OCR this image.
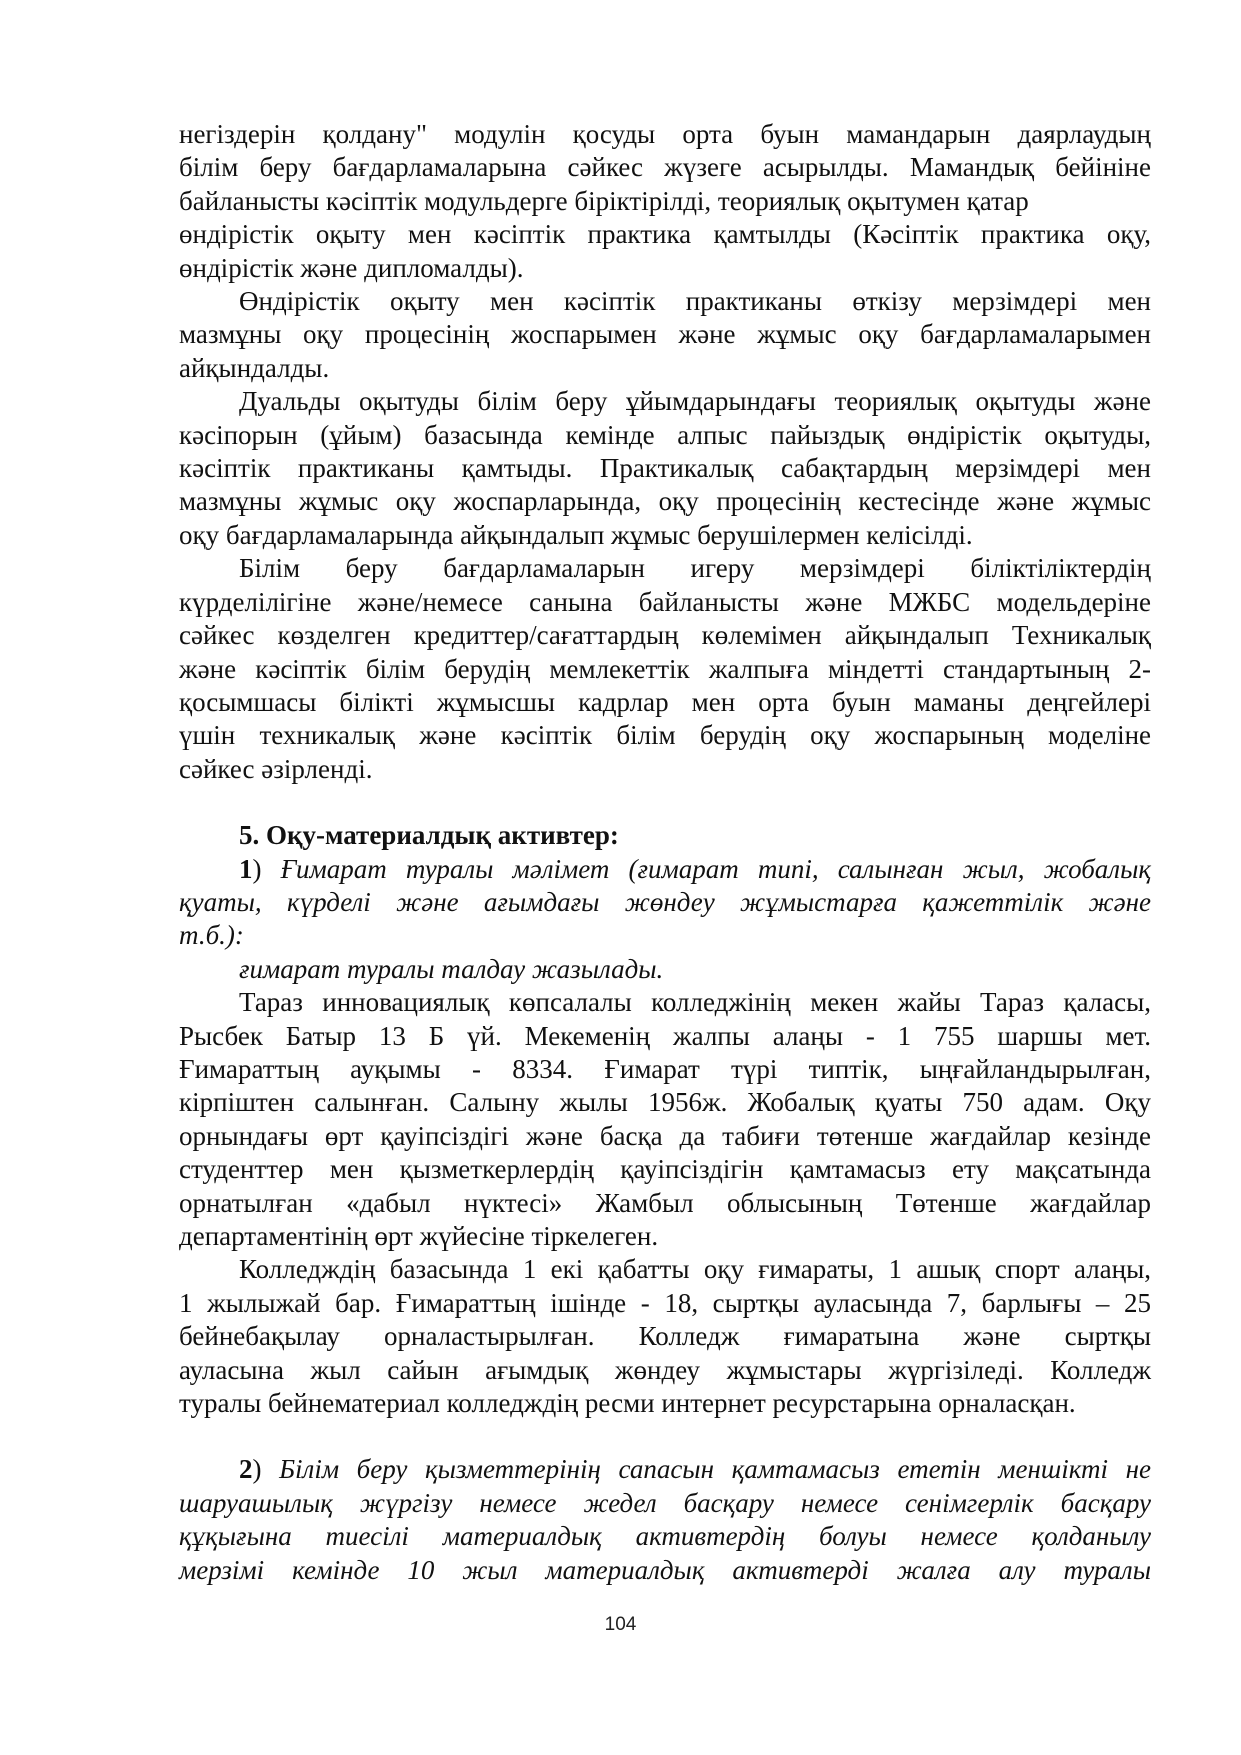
негіздерін қолдану" модулін қосуды орта буын мамандарын даярлаудың
білім беру бағдарламаларына сәйкес жүзеге асырылды. Мамандық бейініне
байланысты кәсіптік модульдерге біріктірілді, теориялық оқытумен қатар
өндірістік оқыту мен кәсіптік практика қамтылды (Кәсіптік практика оқу,
өндірістік және дипломалды).
Өндірістік оқыту мен кәсіптік практиканы өткізу мерзімдері мен
мазмұны оқу процесінің жоспарымен және жұмыс оқу бағдарламаларымен
айқындалды.
Дуальды оқытуды білім беру ұйымдарындағы теориялық оқытуды және
кәсіпорын (ұйым) базасында кемінде алпыс пайыздық өндірістік оқытуды,
кәсіптік практиканы қамтыды. Практикалық сабақтардың мерзімдері мен
мазмұны жұмыс оқу жоспарларында, оқу процесінің кестесінде және жұмыс
оқу бағдарламаларында айқындалып жұмыс берушілермен келісілді.
Білім беру бағдарламаларын игеру мерзімдері біліктіліктердің
күрделілігіне және/немесе санына байланысты және МЖБС модельдеріне
сәйкес көзделген кредиттер/сағаттардың көлемімен айқындалып Техникалық
және кәсіптік білім берудің мемлекеттік жалпыға міндетті стандартының 2-
қосымшасы білікті жұмысшы кадрлар мен орта буын маманы деңгейлері
үшін техникалық және кәсіптік білім берудің оқу жоспарының моделіне
сәйкес әзірленді.
5. Оқу-материалдық активтер:
1) Ғимарат туралы мәлімет (ғимарат типі, салынған жыл, жобалық
қуаты, күрделі және ағымдағы жөндеу жұмыстарға қажеттілік және
т.б.):
ғимарат туралы талдау жазылады.
Тараз инновациялық көпсалалы колледжінің мекен жайы Тараз қаласы,
Рысбек Батыр 13 Б үй. Мекеменің жалпы алаңы - 1 755 шаршы мет.
Ғимараттың ауқымы - 8334. Ғимарат түрі типтік, ыңғайландырылған,
кірпіштен салынған. Салыну жылы 1956ж. Жобалық қуаты 750 адам. Оқу
орнындағы өрт қауіпсіздігі және басқа да табиғи төтенше жағдайлар кезінде
студенттер мен қызметкерлердің қауіпсіздігін қамтамасыз ету мақсатында
орнатылған «дабыл нүктесі» Жамбыл облысының Төтенше жағдайлар
департаментінің өрт жүйесіне тіркелеген.
Колледждің базасында 1 екі қабатты оқу ғимараты, 1 ашық спорт алаңы,
1 жылыжай бар. Ғимараттың ішінде - 18, сыртқы ауласында 7, барлығы – 25
бейнебақылау орналастырылған. Колледж ғимаратына және сыртқы
ауласына жыл сайын ағымдық жөндеу жұмыстары жүргізіледі. Колледж
туралы бейнематериал колледждің ресми интернет ресурстарына орналасқан.
2) Білім беру қызметтерінің сапасын қамтамасыз ететін меншікті не
шаруашылық жүргізу немесе жедел басқару немесе сенімгерлік басқару
құқығына тиесілі материалдық активтердің болуы немесе қолданылу
мерзімі кемінде 10 жыл материалдық активтерді жалға алу туралы
104
